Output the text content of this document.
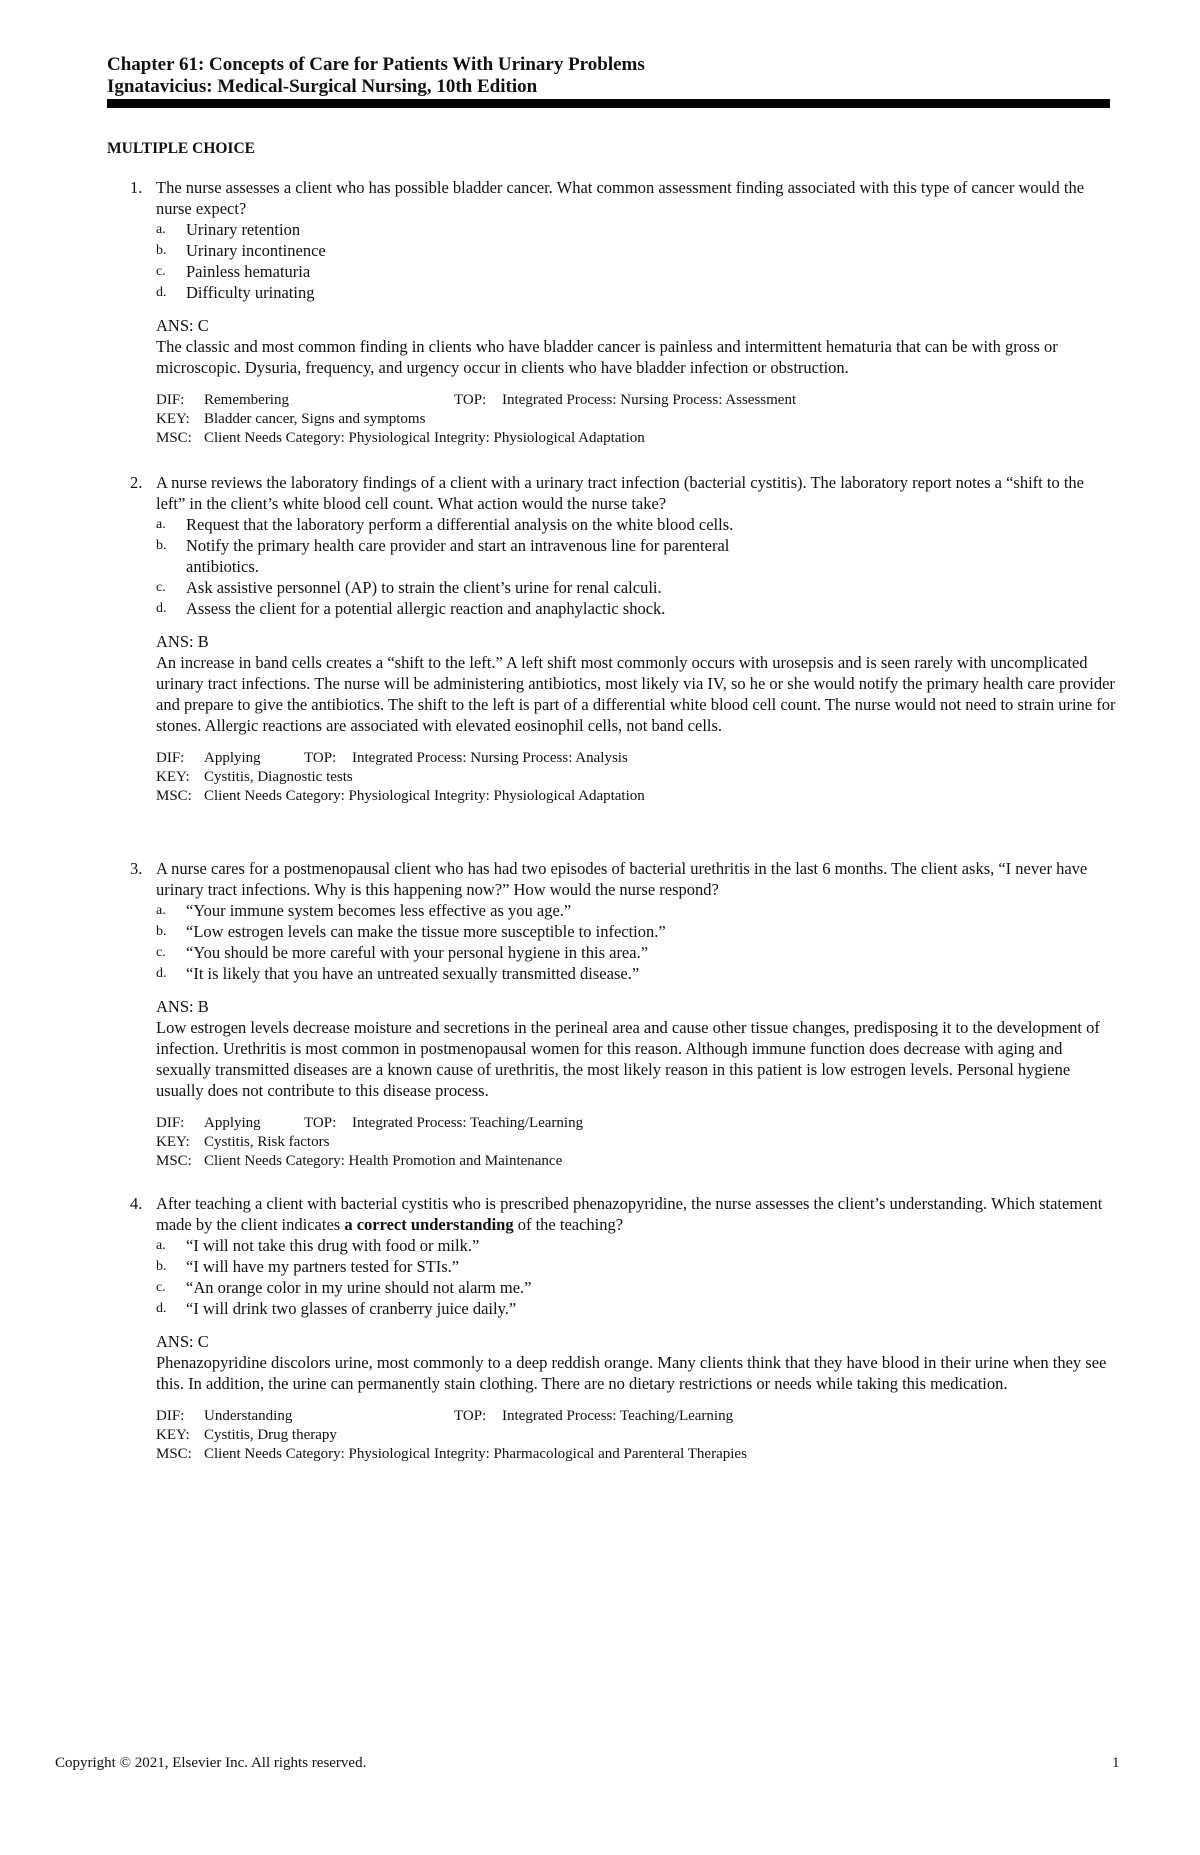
Chapter 61: Concepts of Care for Patients With Urinary Problems
Ignatavicius: Medical-Surgical Nursing, 10th Edition
MULTIPLE CHOICE
1. The nurse assesses a client who has possible bladder cancer. What common assessment finding associated with this type of cancer would the nurse expect?
a. Urinary retention
b. Urinary incontinence
c. Painless hematuria
d. Difficulty urinating
ANS: C
The classic and most common finding in clients who have bladder cancer is painless and intermittent hematuria that can be with gross or microscopic. Dysuria, frequency, and urgency occur in clients who have bladder infection or obstruction.
DIF: Remembering	TOP: Integrated Process: Nursing Process: Assessment
KEY: Bladder cancer, Signs and symptoms
MSC: Client Needs Category: Physiological Integrity: Physiological Adaptation
2. A nurse reviews the laboratory findings of a client with a urinary tract infection (bacterial cystitis). The laboratory report notes a “shift to the left” in the client’s white blood cell count. What action would the nurse take?
a. Request that the laboratory perform a differential analysis on the white blood cells.
b. Notify the primary health care provider and start an intravenous line for parenteral antibiotics.
c. Ask assistive personnel (AP) to strain the client’s urine for renal calculi.
d. Assess the client for a potential allergic reaction and anaphylactic shock.
ANS: B
An increase in band cells creates a “shift to the left.” A left shift most commonly occurs with urosepsis and is seen rarely with uncomplicated urinary tract infections. The nurse will be administering antibiotics, most likely via IV, so he or she would notify the primary health care provider and prepare to give the antibiotics. The shift to the left is part of a differential white blood cell count. The nurse would not need to strain urine for stones. Allergic reactions are associated with elevated eosinophil cells, not band cells.
DIF: Applying	TOP: Integrated Process: Nursing Process: Analysis
KEY: Cystitis, Diagnostic tests
MSC: Client Needs Category: Physiological Integrity: Physiological Adaptation
3. A nurse cares for a postmenopausal client who has had two episodes of bacterial urethritis in the last 6 months. The client asks, “I never have urinary tract infections. Why is this happening now?” How would the nurse respond?
a. “Your immune system becomes less effective as you age.”
b. “Low estrogen levels can make the tissue more susceptible to infection.”
c. “You should be more careful with your personal hygiene in this area.”
d. “It is likely that you have an untreated sexually transmitted disease.”
ANS: B
Low estrogen levels decrease moisture and secretions in the perineal area and cause other tissue changes, predisposing it to the development of infection. Urethritis is most common in postmenopausal women for this reason. Although immune function does decrease with aging and sexually transmitted diseases are a known cause of urethritis, the most likely reason in this patient is low estrogen levels. Personal hygiene usually does not contribute to this disease process.
DIF: Applying	TOP: Integrated Process: Teaching/Learning
KEY: Cystitis, Risk factors
MSC: Client Needs Category: Health Promotion and Maintenance
4. After teaching a client with bacterial cystitis who is prescribed phenazopyridine, the nurse assesses the client’s understanding. Which statement made by the client indicates a correct understanding of the teaching?
a. “I will not take this drug with food or milk.”
b. “I will have my partners tested for STIs.”
c. “An orange color in my urine should not alarm me.”
d. “I will drink two glasses of cranberry juice daily.”
ANS: C
Phenazopyridine discolors urine, most commonly to a deep reddish orange. Many clients think that they have blood in their urine when they see this. In addition, the urine can permanently stain clothing. There are no dietary restrictions or needs while taking this medication.
DIF: Understanding	TOP: Integrated Process: Teaching/Learning
KEY: Cystitis, Drug therapy
MSC: Client Needs Category: Physiological Integrity: Pharmacological and Parenteral Therapies
Copyright © 2021, Elsevier Inc. All rights reserved.	1
